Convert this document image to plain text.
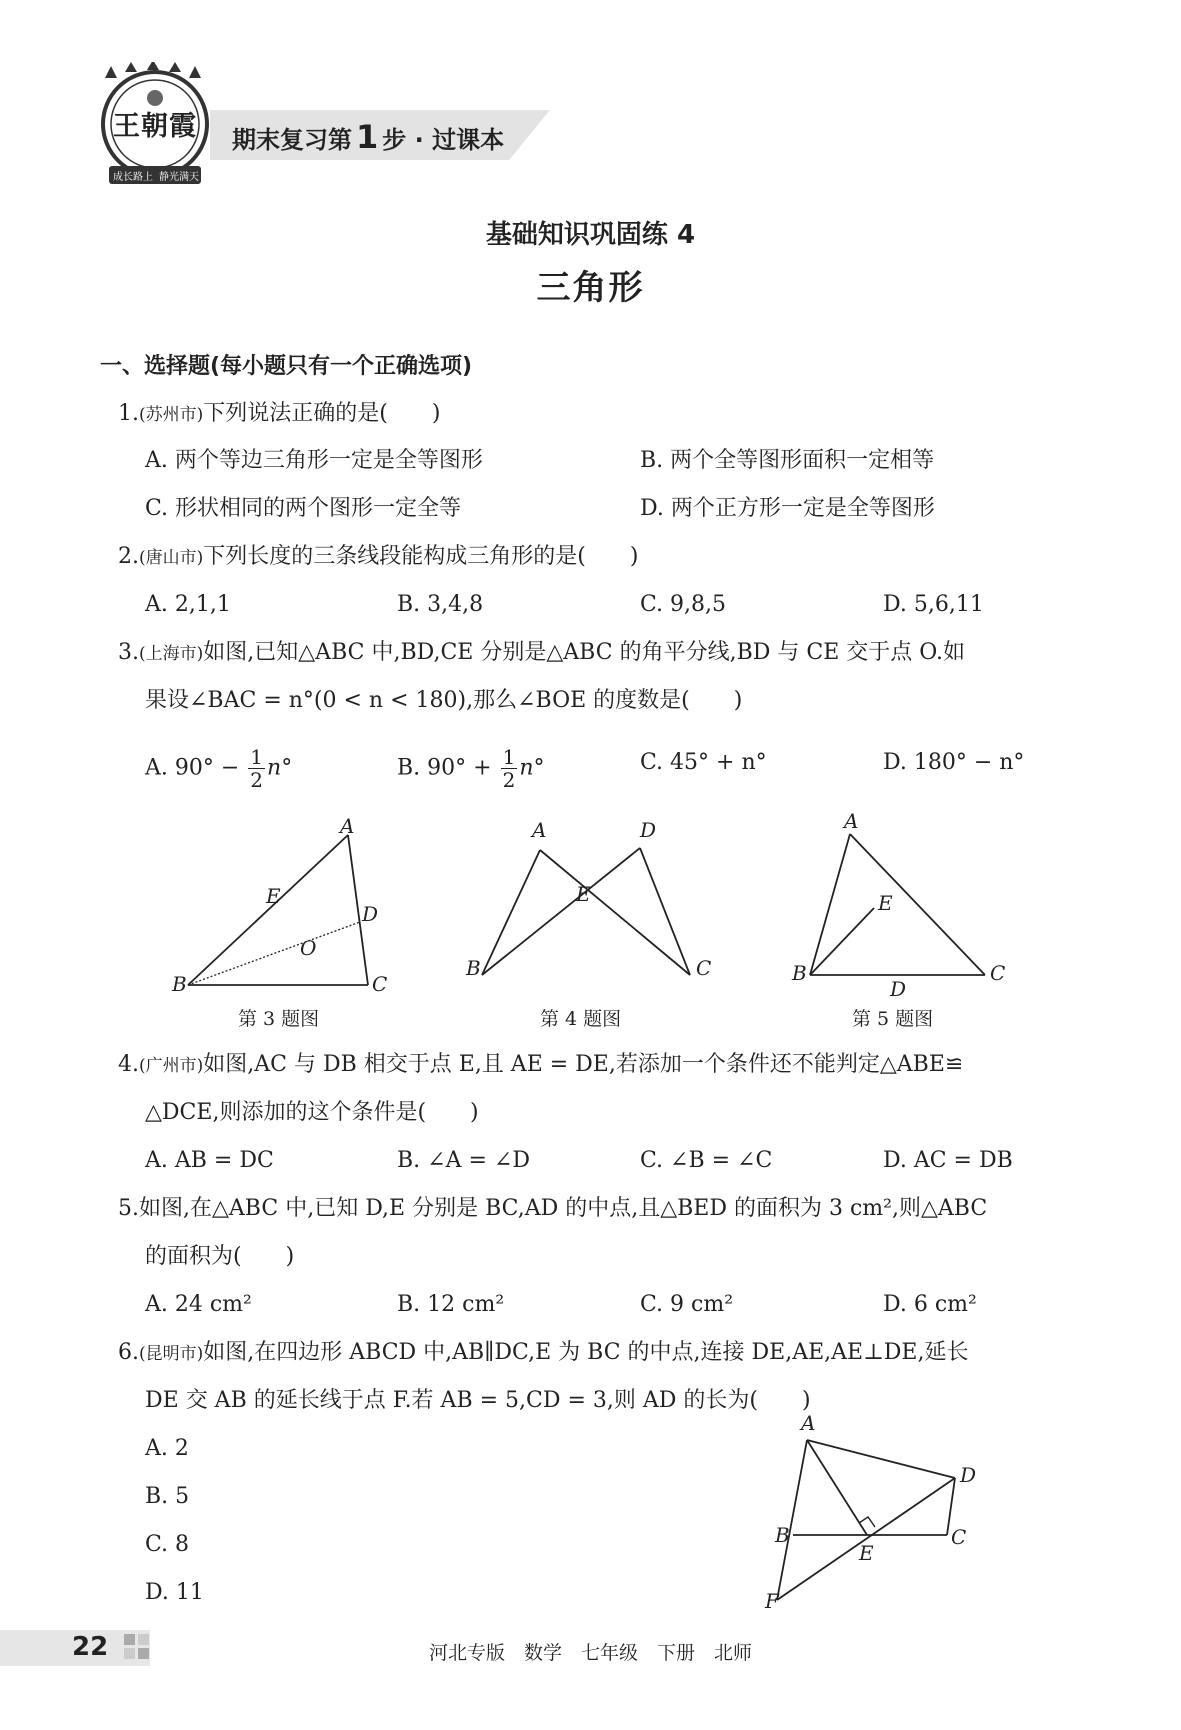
王朝霞
成长路上 静光满天
期末复习第 1 步 · 过课本
基础知识巩固练 4
三角形
一、选择题(每小题只有一个正确选项)
1.(苏州市)下列说法正确的是(　　)
A. 两个等边三角形一定是全等图形	B. 两个全等图形面积一定相等
C. 形状相同的两个图形一定全等	D. 两个正方形一定是全等图形
2.(唐山市)下列长度的三条线段能构成三角形的是(　　)
A. 2,1,1	B. 3,4,8	C. 9,8,5	D. 5,6,11
3.(上海市)如图,已知△ABC 中,BD,CE 分别是△ABC 的角平分线,BD 与 CE 交于点 O.如
果设∠BAC = n°(0 < n < 180),那么∠BOE 的度数是(　　)
A. $90^\circ - \frac{1}{2} n^\circ$	B. $90^\circ + \frac{1}{2} n^\circ$	C. 45° + n°	D. 180° − n°
A
B	C
D
E
O
第 3 题图
A	D
E
B	C
第 4 题图
A
E
B	C
D
第 5 题图
4.(广州市)如图,AC 与 DB 相交于点 E,且 AE = DE,若添加一个条件还不能判定△ABE≌
△DCE,则添加的这个条件是(　　)
A. AB = DC	B. ∠A = ∠D	C. ∠B = ∠C	D. AC = DB
5.如图,在△ABC 中,已知 D,E 分别是 BC,AD 的中点,且△BED 的面积为 3 cm²,则△ABC
的面积为(　　)
A. 24 cm²	B. 12 cm²	C. 9 cm²	D. 6 cm²
6.(昆明市)如图,在四边形 ABCD 中,AB∥DC,E 为 BC 的中点,连接 DE,AE,AE⊥DE,延长
DE 交 AB 的延长线于点 F.若 AB = 5,CD = 3,则 AD 的长为(　　)
A. 2
B. 5
C. 8
D. 11
A
D
B	C
E
F
22	河北专版　数学　七年级　下册　北师
